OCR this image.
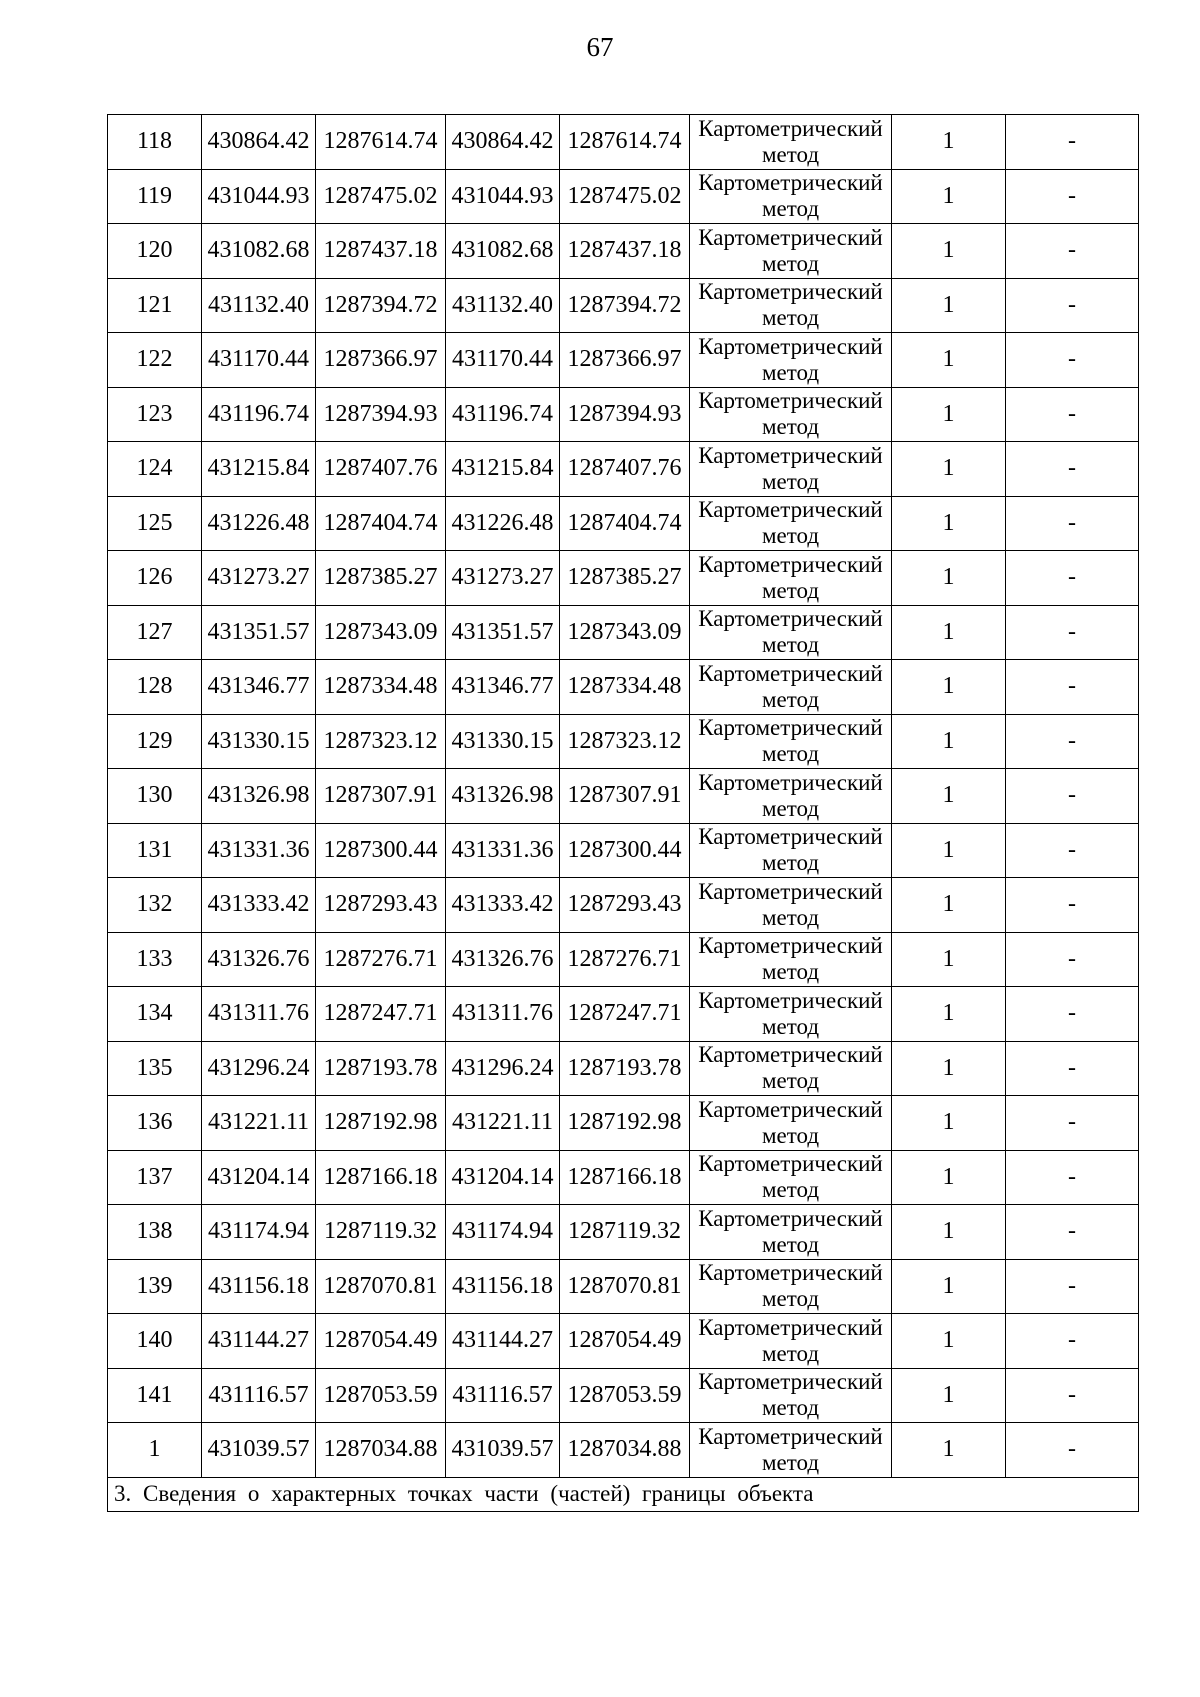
67
118	430864.42	1287614.74	430864.42	1287614.74	Картометрический метод	1	-
119	431044.93	1287475.02	431044.93	1287475.02	Картометрический метод	1	-
120	431082.68	1287437.18	431082.68	1287437.18	Картометрический метод	1	-
121	431132.40	1287394.72	431132.40	1287394.72	Картометрический метод	1	-
122	431170.44	1287366.97	431170.44	1287366.97	Картометрический метод	1	-
123	431196.74	1287394.93	431196.74	1287394.93	Картометрический метод	1	-
124	431215.84	1287407.76	431215.84	1287407.76	Картометрический метод	1	-
125	431226.48	1287404.74	431226.48	1287404.74	Картометрический метод	1	-
126	431273.27	1287385.27	431273.27	1287385.27	Картометрический метод	1	-
127	431351.57	1287343.09	431351.57	1287343.09	Картометрический метод	1	-
128	431346.77	1287334.48	431346.77	1287334.48	Картометрический метод	1	-
129	431330.15	1287323.12	431330.15	1287323.12	Картометрический метод	1	-
130	431326.98	1287307.91	431326.98	1287307.91	Картометрический метод	1	-
131	431331.36	1287300.44	431331.36	1287300.44	Картометрический метод	1	-
132	431333.42	1287293.43	431333.42	1287293.43	Картометрический метод	1	-
133	431326.76	1287276.71	431326.76	1287276.71	Картометрический метод	1	-
134	431311.76	1287247.71	431311.76	1287247.71	Картометрический метод	1	-
135	431296.24	1287193.78	431296.24	1287193.78	Картометрический метод	1	-
136	431221.11	1287192.98	431221.11	1287192.98	Картометрический метод	1	-
137	431204.14	1287166.18	431204.14	1287166.18	Картометрический метод	1	-
138	431174.94	1287119.32	431174.94	1287119.32	Картометрический метод	1	-
139	431156.18	1287070.81	431156.18	1287070.81	Картометрический метод	1	-
140	431144.27	1287054.49	431144.27	1287054.49	Картометрический метод	1	-
141	431116.57	1287053.59	431116.57	1287053.59	Картометрический метод	1	-
1	431039.57	1287034.88	431039.57	1287034.88	Картометрический метод	1	-
3. Сведения о характерных точках части (частей) границы объекта							
